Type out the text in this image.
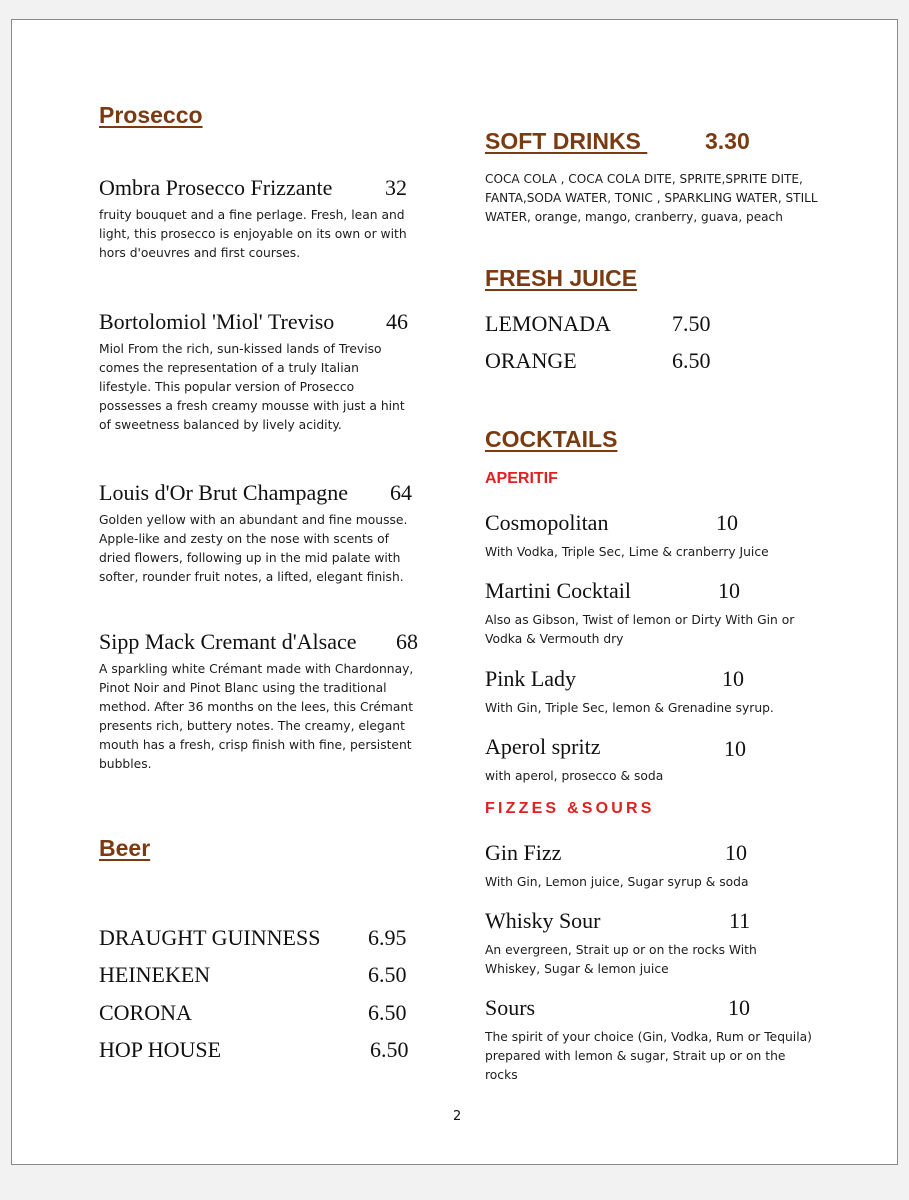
Prosecco
Ombra Prosecco Frizzante 32
fruity bouquet and a fine perlage. Fresh, lean and light, this prosecco is enjoyable on its own or with hors d'oeuvres and first courses.
Bortolomiol 'Miol' Treviso 46
Miol From the rich, sun-kissed lands of Treviso comes the representation of a truly Italian lifestyle. This popular version of Prosecco possesses a fresh creamy mousse with just a hint of sweetness balanced by lively acidity.
Louis d'Or Brut Champagne 64
Golden yellow with an abundant and fine mousse. Apple-like and zesty on the nose with scents of dried flowers, following up in the mid palate with softer, rounder fruit notes, a lifted, elegant finish.
Sipp Mack Cremant d'Alsace 68
A sparkling white Crémant made with Chardonnay, Pinot Noir and Pinot Blanc using the traditional method. After 36 months on the lees, this Crémant presents rich, buttery notes. The creamy, elegant mouth has a fresh, crisp finish with fine, persistent bubbles.
Beer
DRAUGHT GUINNESS 6.95
HEINEKEN	6.50
CORONA	6.50
HOP HOUSE	6.50
SOFT DRINKS	3.30
COCA COLA , COCA COLA DITE, SPRITE,SPRITE DITE, FANTA,SODA WATER, TONIC , SPARKLING WATER, STILL WATER, orange, mango, cranberry, guava, peach
FRESH JUICE
LEMONADA	7.50
ORANGE	6.50
COCKTAILS
APERITIF
Cosmopolitan	10
With Vodka, Triple Sec, Lime & cranberry Juice
Martini Cocktail	10
Also as Gibson, Twist of lemon or Dirty With Gin or Vodka & Vermouth dry
Pink Lady	10
With Gin, Triple Sec, lemon & Grenadine syrup.
Aperol spritz	10
with aperol, prosecco & soda
FIZZES &SOURS
Gin Fizz	10
With Gin, Lemon juice, Sugar syrup & soda
Whisky Sour	11
An evergreen, Strait up or on the rocks With Whiskey, Sugar & lemon juice
Sours	10
The spirit of your choice (Gin, Vodka, Rum or Tequila) prepared with lemon & sugar, Strait up or on the rocks
2
